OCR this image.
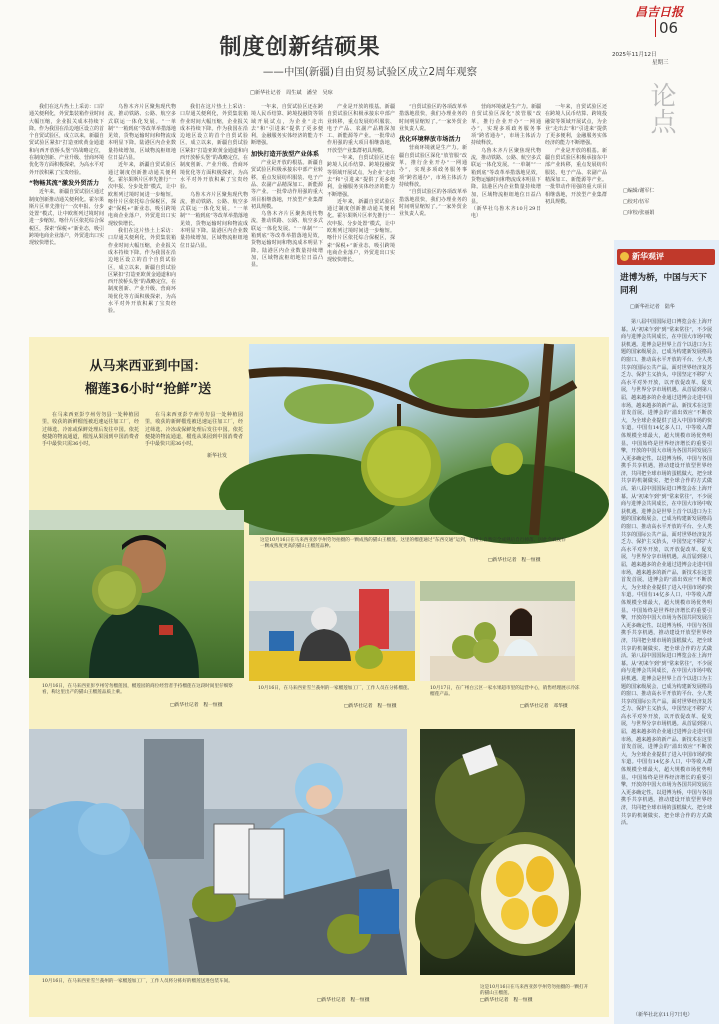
昌吉日报
06
2025年11月12日
星期三
制度创新结硕果
——中国(新疆)自由贸易试验区成立2周年观察
□新华社记者　周生斌　潘莹　吴琼

我们在这片热土上采访：口岸通关便利化，外贸集装箱作业时间大幅压缩，企业报关成本持续下降。作为我国在沿边地区设立的首个自贸试验区，成立以来，新疆自贸试验区紧扣“打造亚欧黄金通道和向西开放桥头堡”的战略定位，在制度创新、产业升级、营商环境优化等方面积极探索，为高水平对外开放积累了宝贵经验。

“物畅其流”激发外贸活力

近年来，新疆自贸试验区通过制度创新推动通关便利化。霍尔果斯片区率先推行“一次申报、分步处置”模式，让中欧班列过境时间进一步缩短。喀什片区依托综合保税区，探索“保税+”新业态，吸引跨境电商企业落户，外贸进出口实现较快增长。

乌鲁木齐片区聚焦现代物流，推动铁路、公路、航空多式联运一体化发展。“一单制”“一箱到底”等改革举措落地见效，货物运输时间和物流成本明显下降。陆港区内企业数量持续增加，区域物流枢纽地位日益凸显。

近年来，新疆自贸试验区通过制度创新推动通关便利化。霍尔果斯片区率先推行“一次申报、分步处置”模式，让中欧班列过境时间进一步缩短。喀什片区依托综合保税区，探索“保税+”新业态，吸引跨境电商企业落户，外贸进出口实现较快增长。

我们在这片热土上采访：口岸通关便利化，外贸集装箱作业时间大幅压缩，企业报关成本持续下降。作为我国在沿边地区设立的首个自贸试验区，成立以来，新疆自贸试验区紧扣“打造亚欧黄金通道和向西开放桥头堡”的战略定位，在制度创新、产业升级、营商环境优化等方面积极探索，为高水平对外开放积累了宝贵经验。

我们在这片热土上采访：口岸通关便利化，外贸集装箱作业时间大幅压缩，企业报关成本持续下降。作为我国在沿边地区设立的首个自贸试验区，成立以来，新疆自贸试验区紧扣“打造亚欧黄金通道和向西开放桥头堡”的战略定位，在制度创新、产业升级、营商环境优化等方面积极探索，为高水平对外开放积累了宝贵经验。

乌鲁木齐片区聚焦现代物流，推动铁路、公路、航空多式联运一体化发展。“一单制”“一箱到底”等改革举措落地见效，货物运输时间和物流成本明显下降。陆港区内企业数量持续增加，区域物流枢纽地位日益凸显。

一年来，自贸试验区还在跨境人民币结算、跨境投融资等领域开展试点，为企业“走出去”和“引进来”提供了更多便利，金融服务实体经济的能力不断增强。

加快打造开放型产业体系

产业是开放的根基。新疆自贸试验区积极承接东中部产业转移，重点发展纺织服装、电子产品、农副产品精深加工、新能源等产业。一批带动作用强的重大项目相继落地，开放型产业集群初具规模。

乌鲁木齐片区聚焦现代物流，推动铁路、公路、航空多式联运一体化发展。“一单制”“一箱到底”等改革举措落地见效，货物运输时间和物流成本明显下降。陆港区内企业数量持续增加，区域物流枢纽地位日益凸显。

产业是开放的根基。新疆自贸试验区积极承接东中部产业转移，重点发展纺织服装、电子产品、农副产品精深加工、新能源等产业。一批带动作用强的重大项目相继落地，开放型产业集群初具规模。

一年来，自贸试验区还在跨境人民币结算、跨境投融资等领域开展试点，为企业“走出去”和“引进来”提供了更多便利，金融服务实体经济的能力不断增强。

近年来，新疆自贸试验区通过制度创新推动通关便利化。霍尔果斯片区率先推行“一次申报、分步处置”模式，让中欧班列过境时间进一步缩短。喀什片区依托综合保税区，探索“保税+”新业态，吸引跨境电商企业落户，外贸进出口实现较快增长。

“自贸试验区的各项改革举措落地很快，我们办理业务的时间明显缩短了。”一家外贸企业负责人说。

优化环境释放市场活力

营商环境就是生产力。新疆自贸试验区深化“放管服”改革，推行企业开办“一网通办”，实现多项政务服务事项“跨省通办”，市场主体活力持续释放。

“自贸试验区的各项改革举措落地很快，我们办理业务的时间明显缩短了。”一家外贸企业负责人说。

营商环境就是生产力。新疆自贸试验区深化“放管服”改革，推行企业开办“一网通办”，实现多项政务服务事项“跨省通办”，市场主体活力持续释放。

乌鲁木齐片区聚焦现代物流，推动铁路、公路、航空多式联运一体化发展。“一单制”“一箱到底”等改革举措落地见效，货物运输时间和物流成本明显下降。陆港区内企业数量持续增加，区域物流枢纽地位日益凸显。

（新华社乌鲁木齐10月29日电）

一年来，自贸试验区还在跨境人民币结算、跨境投融资等领域开展试点，为企业“走出去”和“引进来”提供了更多便利，金融服务实体经济的能力不断增强。

产业是开放的根基。新疆自贸试验区积极承接东中部产业转移，重点发展纺织服装、电子产品、农副产品精深加工、新能源等产业。一批带动作用强的重大项目相继落地，开放型产业集群初具规模。

论点
□编辑/谢军仁
□校对/伍军
□审校/张丽娟
新华观评
进博为桥，中国与天下同利
□新华社记者　陆华
第八届中国国际进口博览会在上海开幕。从“初来乍到”到“常来常往”，不少展商与进博会共同成长，在中国大市场中收获机遇。进博会是世界上首个以进口为主题的国家级展会，已成为构建新发展格局的窗口、推动高水平开放的平台、全人类共享的国际公共产品。面对世界经济复苏乏力、保护主义抬头，中国坚定不移扩大高水平对外开放，以开放促改革、促发展，与世界分享市场机遇。从首届到第八届，越来越多的企业通过进博会走进中国市场，越来越多的新产品、新技术在这里首发首展。进博会的“溢出效应”不断放大，为全球企业提供了进入中国市场的快车道。中国有14亿多人口，中等收入群体规模全球最大，超大规模市场优势明显。中国始终是世界经济增长的重要引擎，开放的中国大市场为各国共同发展注入更多确定性。以进博为桥，中国与各国携手共享机遇，推动建设开放型世界经济，共同把全球市场的蛋糕做大、把全球共享的机制做实、把全球合作的方式做活。第八届中国国际进口博览会在上海开幕。从“初来乍到”到“常来常往”，不少展商与进博会共同成长，在中国大市场中收获机遇。进博会是世界上首个以进口为主题的国家级展会，已成为构建新发展格局的窗口、推动高水平开放的平台、全人类共享的国际公共产品。面对世界经济复苏乏力、保护主义抬头，中国坚定不移扩大高水平对外开放，以开放促改革、促发展，与世界分享市场机遇。从首届到第八届，越来越多的企业通过进博会走进中国市场，越来越多的新产品、新技术在这里首发首展。进博会的“溢出效应”不断放大，为全球企业提供了进入中国市场的快车道。中国有14亿多人口，中等收入群体规模全球最大，超大规模市场优势明显。中国始终是世界经济增长的重要引擎，开放的中国大市场为各国共同发展注入更多确定性。以进博为桥，中国与各国携手共享机遇，推动建设开放型世界经济，共同把全球市场的蛋糕做大、把全球共享的机制做实、把全球合作的方式做活。第八届中国国际进口博览会在上海开幕。从“初来乍到”到“常来常往”，不少展商与进博会共同成长，在中国大市场中收获机遇。进博会是世界上首个以进口为主题的国家级展会，已成为构建新发展格局的窗口、推动高水平开放的平台、全人类共享的国际公共产品。面对世界经济复苏乏力、保护主义抬头，中国坚定不移扩大高水平对外开放，以开放促改革、促发展，与世界分享市场机遇。从首届到第八届，越来越多的企业通过进博会走进中国市场，越来越多的新产品、新技术在这里首发首展。进博会的“溢出效应”不断放大，为全球企业提供了进入中国市场的快车道。中国有14亿多人口，中等收入群体规模全球最大，超大规模市场优势明显。中国始终是世界经济增长的重要引擎，开放的中国大市场为各国共同发展注入更多确定性。以进博为桥，中国与各国携手共享机遇，推动建设开放型世界经济，共同把全球市场的蛋糕做大、把全球共享的机制做实、把全球合作的方式做活。
（新华社北京11月7日电）
从马来西亚到中国：
榴莲36小时“抢鲜”送
在马来西亚彭亨州劳勿县一处种植园里，收获的新鲜榴莲被迅速运往加工厂，经过筛选、冷冻或保鲜处理后发往中国。依托便捷的物流通道，榴莲从果园到中国消费者手中最快只需36小时。
在马来西亚彭亨州劳勿县一处种植园里，收获的新鲜榴莲被迅速运往加工厂，经过筛选、冷冻或保鲜处理后发往中国。依托便捷的物流通道，榴莲从果园到中国消费者手中最快只需36小时。
新华社发
这是10月16日在马来西亚彭亨州劳勿拍摄的一颗成熟的猫山王榴莲。这里的榴莲通过“东西交通”运到，在树上自然完全成熟后自行掉落，因此会被视作一颗成熟度更高的猫山王榴莲品种。
□新华社记者　程一恒摄
10月16日，在马来西亚彭亨州劳勿榴莲园，榴莲园的商位经营者手持榴莲在这段时间里仔细察看，称这里出产的猫山王榴莲品质上乘。
□新华社记者　程一恒摄
10月16日，在马来西亚雪兰莪州的一家榴莲加工厂，工作人员在分拣榴莲。
□新华社记者　程一恒摄
10月17日，在广州白云区一家水果超市里的运营中心，销售经理展示冷冻榴莲产品。
□新华社记者　邓华摄
10月16日，在马来西亚雪兰莪州的一家榴莲加工厂，工作人员将分拣好的榴莲送进包装车间。
□新华社记者　程一恒摄
这是10月16日在马来西亚彭亨州劳勿拍摄的一颗打开的猫山王榴莲。
□新华社记者　程一恒摄
